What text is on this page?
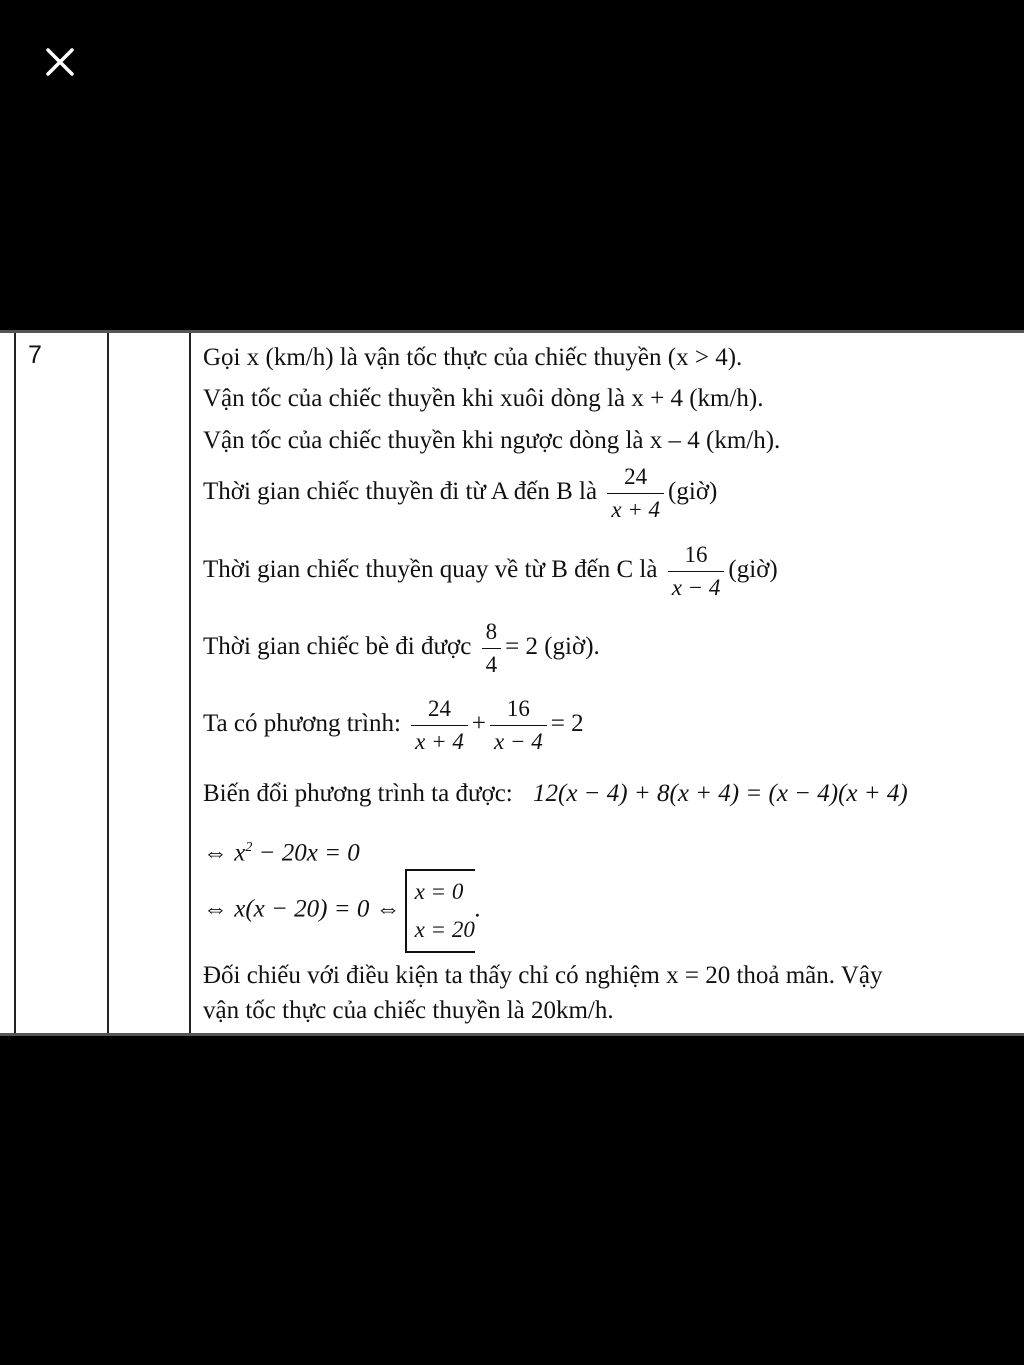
7	Gọi x (km/h) là vận tốc thực của chiếc thuyền (x > 4).
Vận tốc của chiếc thuyền khi xuôi dòng là x + 4 (km/h).
Vận tốc của chiếc thuyền khi ngược dòng là x – 4 (km/h).
Thời gian chiếc thuyền đi từ A đến B là $\frac{24}{x + 4}$ (giờ)
Thời gian chiếc thuyền quay về từ B đến C là $\frac{16}{x - 4}$ (giờ)
Thời gian chiếc bè đi được $\frac{8}{4} = 2$ (giờ).
Ta có phương trình: $\frac{24}{x + 4} + \frac{16}{x - 4} = 2$
Biến đổi phương trình ta được: 12(x − 4) + 8(x + 4) = (x − 4)(x + 4)
⇔ $x^2 - 20x = 0$
⇔ x(x − 20) = 0 ⇔
x = 0
x = 20
.
Đối chiếu với điều kiện ta thấy chỉ có nghiệm x = 20 thoả mãn. Vậy
vận tốc thực của chiếc thuyền là 20km/h.
